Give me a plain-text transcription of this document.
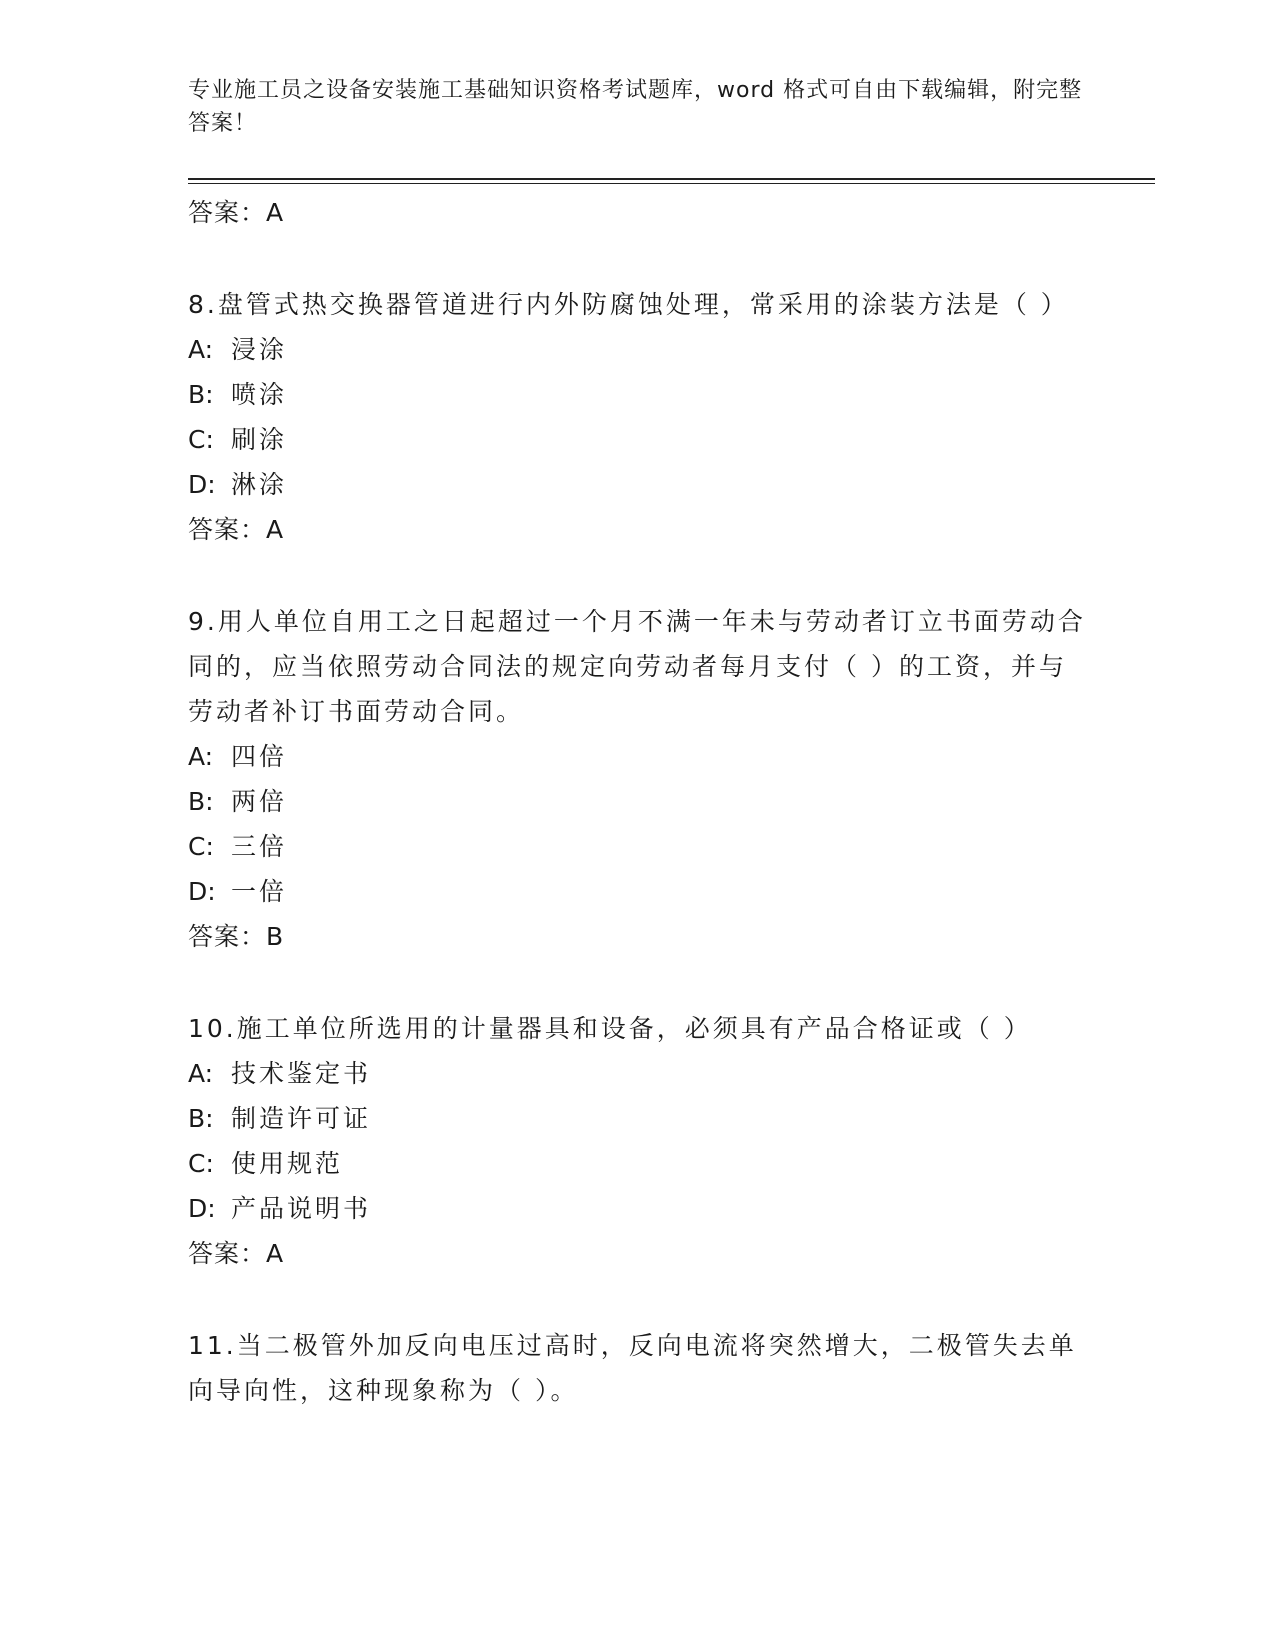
专业施工员之设备安装施工基础知识资格考试题库，word 格式可自由下载编辑，附完整答案！
答案：A
8.盘管式热交换器管道进行内外防腐蚀处理，常采用的涂装方法是（ ）
A: 浸涂
B: 喷涂
C: 刷涂
D: 淋涂
答案：A
9.用人单位自用工之日起超过一个月不满一年未与劳动者订立书面劳动合同的，应当依照劳动合同法的规定向劳动者每月支付（ ）的工资，并与劳动者补订书面劳动合同。
A: 四倍
B: 两倍
C: 三倍
D: 一倍
答案：B
10.施工单位所选用的计量器具和设备，必须具有产品合格证或（ ）
A: 技术鉴定书
B: 制造许可证
C: 使用规范
D: 产品说明书
答案：A
11.当二极管外加反向电压过高时，反向电流将突然增大，二极管失去单向导向性，这种现象称为（ ）。
